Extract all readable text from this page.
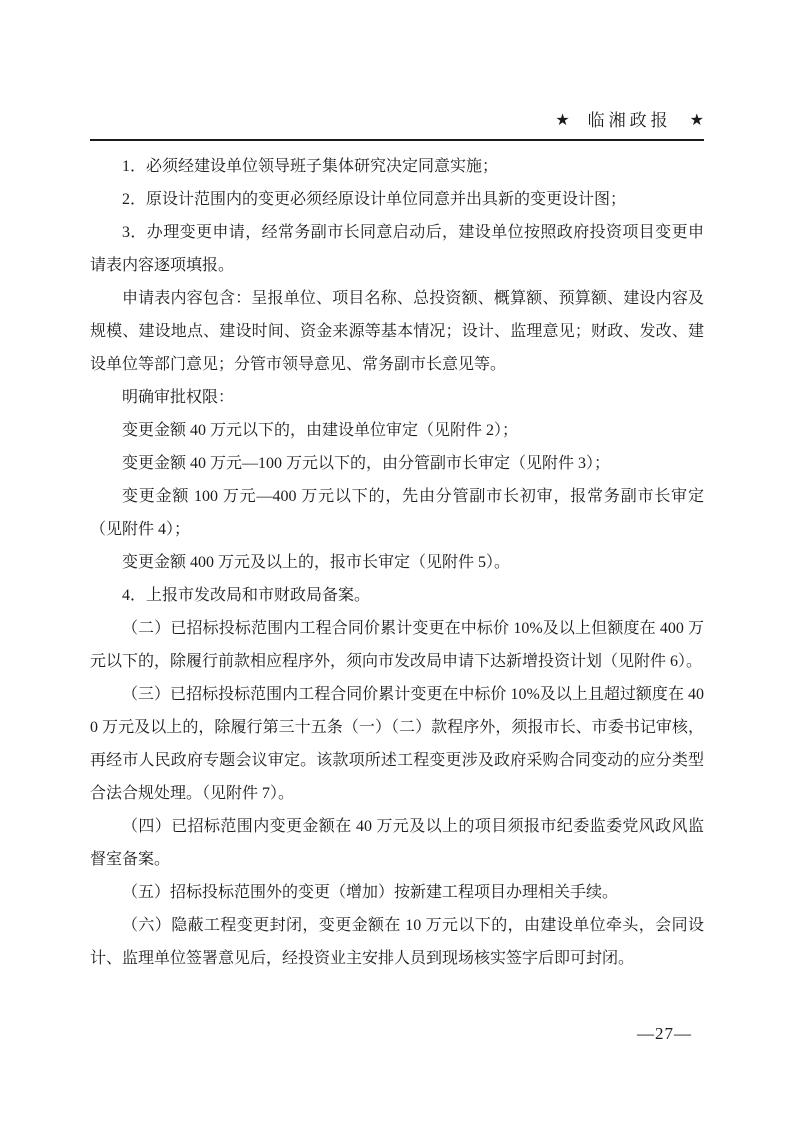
★ 临湘政报 ★

1．必须经建设单位领导班子集体研究决定同意实施；

2．原设计范围内的变更必须经原设计单位同意并出具新的变更设计图；

3．办理变更申请，经常务副市长同意启动后，建设单位按照政府投资项目变更申请表内容逐项填报。

申请表内容包含：呈报单位、项目名称、总投资额、概算额、预算额、建设内容及规模、建设地点、建设时间、资金来源等基本情况；设计、监理意见；财政、发改、建设单位等部门意见；分管市领导意见、常务副市长意见等。

明确审批权限：

变更金额 40 万元以下的，由建设单位审定（见附件 2）；

变更金额 40 万元—100 万元以下的，由分管副市长审定（见附件 3）；

变更金额 100 万元—400 万元以下的，先由分管副市长初审，报常务副市长审定（见附件 4）；

变更金额 400 万元及以上的，报市长审定（见附件 5）。

4．上报市发改局和市财政局备案。

（二）已招标投标范围内工程合同价累计变更在中标价 10%及以上但额度在 400 万元以下的，除履行前款相应程序外，须向市发改局申请下达新增投资计划（见附件 6）。

（三）已招标投标范围内工程合同价累计变更在中标价 10%及以上且超过额度在 400 万元及以上的，除履行第三十五条（一）（二）款程序外，须报市长、市委书记审核，再经市人民政府专题会议审定。该款项所述工程变更涉及政府采购合同变动的应分类型合法合规处理。（见附件 7）。

（四）已招标范围内变更金额在 40 万元及以上的项目须报市纪委监委党风政风监督室备案。

（五）招标投标范围外的变更（增加）按新建工程项目办理相关手续。

（六）隐蔽工程变更封闭，变更金额在 10 万元以下的，由建设单位牵头，会同设计、监理单位签署意见后，经投资业主安排人员到现场核实签字后即可封闭。

—27—
